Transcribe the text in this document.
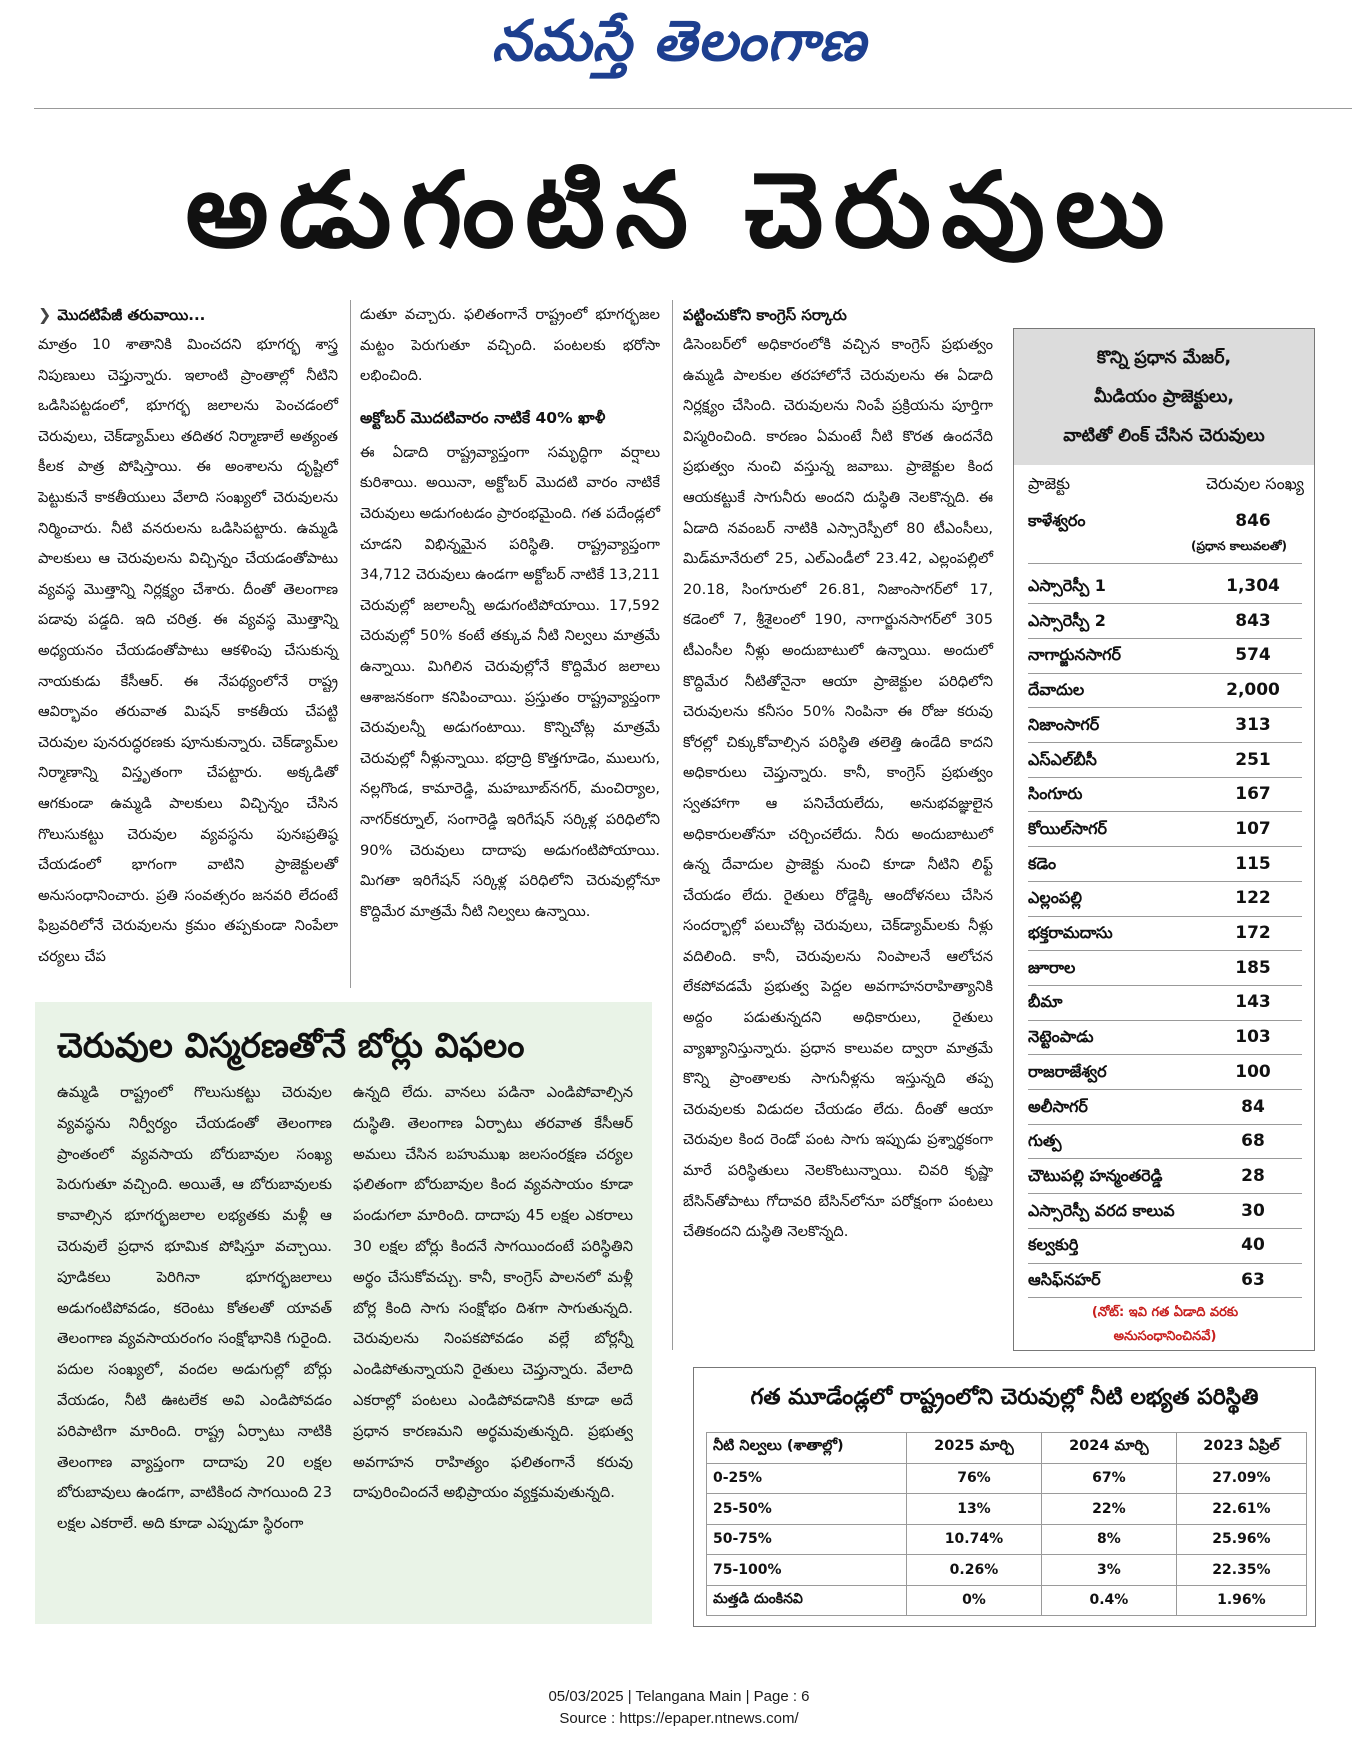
నమస్తే తెలంగాణ
అడుగంటిన చెరువులు
❯ మొదటిపేజీ తరువాయి...

మాత్రం 10 శాతానికి మించదని భూగర్భ శాస్త్ర నిపుణులు చెప్తున్నారు. ఇలాంటి ప్రాంతాల్లో నీటిని ఒడిసిపట్టడంలో, భూగర్భ జలాలను పెంచడంలో చెరువులు, చెక్‌డ్యామ్‌లు తదితర నిర్మాణాలే అత్యంత కీలక పాత్ర పోషిస్తాయి. ఈ అంశాలను దృష్టిలో పెట్టుకునే కాకతీయులు వేలాది సంఖ్యలో చెరువులను నిర్మించారు. నీటి వనరులను ఒడిసిపట్టారు. ఉమ్మడి పాలకులు ఆ చెరువులను విచ్చిన్నం చేయడంతోపాటు వ్యవస్థ మొత్తాన్ని నిర్లక్ష్యం చేశారు. దీంతో తెలంగాణ పడావు పడ్డది. ఇది చరిత్ర. ఈ వ్యవస్థ మొత్తాన్ని అధ్యయనం చేయడంతోపాటు ఆకళింపు చేసుకున్న నాయకుడు కేసీఆర్. ఈ నేపథ్యంలోనే రాష్ట్ర ఆవిర్భావం తరువాత మిషన్ కాకతీయ చేపట్టి చెరువుల పునరుద్ధరణకు పూనుకున్నారు. చెక్‌డ్యామ్‌ల నిర్మాణాన్ని విస్తృతంగా చేపట్టారు. అక్కడితో ఆగకుండా ఉమ్మడి పాలకులు విచ్చిన్నం చేసిన గొలుసుకట్టు చెరువుల వ్యవస్థను పునఃప్రతిష్ఠ చేయడంలో భాగంగా వాటిని ప్రాజెక్టులతో అనుసంధానించారు. ప్రతి సంవత్సరం జనవరి లేదంటే ఫిబ్రవరిలోనే చెరువులను క్రమం తప్పకుండా నింపేలా చర్యలు చేప

డుతూ వచ్చారు. ఫలితంగానే రాష్ట్రంలో భూగర్భజల మట్టం పెరుగుతూ వచ్చింది. పంటలకు భరోసా లభించింది.

అక్టోబర్ మొదటివారం నాటికే 40% ఖాళీ

ఈ ఏడాది రాష్ట్రవ్యాప్తంగా సమృద్ధిగా వర్షాలు కురిశాయి. అయినా, అక్టోబర్ మొదటి వారం నాటికే చెరువులు అడుగంటడం ప్రారంభమైంది. గత పదేండ్లలో చూడని విభిన్నమైన పరిస్థితి. రాష్ట్రవ్యాప్తంగా 34,712 చెరువులు ఉండగా అక్టోబర్ నాటికే 13,211 చెరువుల్లో జలాలన్నీ అడుగంటిపోయాయి. 17,592 చెరువుల్లో 50% కంటే తక్కువ నీటి నిల్వలు మాత్రమే ఉన్నాయి. మిగిలిన చెరువుల్లోనే కొద్దిమేర జలాలు ఆశాజనకంగా కనిపించాయి. ప్రస్తుతం రాష్ట్రవ్యాప్తంగా చెరువులన్నీ అడుగంటాయి. కొన్నిచోట్ల మాత్రమే చెరువుల్లో నీళ్లున్నాయి. భద్రాద్రి కొత్తగూడెం, ములుగు, నల్లగొండ, కామారెడ్డి, మహబూబ్‌నగర్, మంచిర్యాల, నాగర్‌కర్నూల్, సంగారెడ్డి ఇరిగేషన్ సర్కిళ్ల పరిధిలోని 90% చెరువులు దాదాపు అడుగంటిపోయాయి. మిగతా ఇరిగేషన్ సర్కిళ్ల పరిధిలోని చెరువుల్లోనూ కొద్దిమేర మాత్రమే నీటి నిల్వలు ఉన్నాయి.

పట్టించుకోని కాంగ్రెస్ సర్కారు

డిసెంబర్‌లో అధికారంలోకి వచ్చిన కాంగ్రెస్ ప్రభుత్వం ఉమ్మడి పాలకుల తరహాలోనే చెరువులను ఈ ఏడాది నిర్లక్ష్యం చేసింది. చెరువులను నింపే ప్రక్రియను పూర్తిగా విస్మరించింది. కారణం ఏమంటే నీటి కొరత ఉందనేది ప్రభుత్వం నుంచి వస్తున్న జవాబు. ప్రాజెక్టుల కింద ఆయకట్టుకే సాగునీరు అందని దుస్థితి నెలకొన్నది. ఈ ఏడాది నవంబర్ నాటికి ఎస్సారెస్పీలో 80 టీఎంసీలు, మిడ్‌మానేరులో 25, ఎల్‌ఎండీలో 23.42, ఎల్లంపల్లిలో 20.18, సింగూరులో 26.81, నిజాంసాగర్‌లో 17, కడెంలో 7, శ్రీశైలంలో 190, నాగార్జునసాగర్‌లో 305 టీఎంసీల నీళ్లు అందుబాటులో ఉన్నాయి. అందులో కొద్దిమేర నీటితోనైనా ఆయా ప్రాజెక్టుల పరిధిలోని చెరువులను కనీసం 50% నింపినా ఈ రోజు కరువు కోరల్లో చిక్కుకోవాల్సిన పరిస్థితి తలెత్తి ఉండేది కాదని అధికారులు చెప్తున్నారు. కానీ, కాంగ్రెస్ ప్రభుత్వం స్వతహాగా ఆ పనిచేయలేదు, అనుభవజ్ఞులైన అధికారులతోనూ చర్చించలేదు. నీరు అందుబాటులో ఉన్న దేవాదుల ప్రాజెక్టు నుంచి కూడా నీటిని లిఫ్ట్ చేయడం లేదు. రైతులు రోడ్డెక్కి ఆందోళనలు చేసిన సందర్భాల్లో పలుచోట్ల చెరువులు, చెక్‌డ్యామ్‌లకు నీళ్లు వదిలింది. కానీ, చెరువులను నింపాలనే ఆలోచన లేకపోవడమే ప్రభుత్వ పెద్దల అవగాహనరాహిత్యానికి అద్దం పడుతున్నదని అధికారులు, రైతులు వ్యాఖ్యానిస్తున్నారు. ప్రధాన కాలువల ద్వారా మాత్రమే కొన్ని ప్రాంతాలకు సాగునీళ్లను ఇస్తున్నది తప్ప చెరువులకు విడుదల చేయడం లేదు. దీంతో ఆయా చెరువుల కింద రెండో పంట సాగు ఇప్పుడు ప్రశ్నార్థకంగా మారే పరిస్థితులు నెలకొంటున్నాయి. చివరి కృష్ణా బేసిన్‌తోపాటు గోదావరి బేసిన్‌లోనూ పరోక్షంగా పంటలు చేతికందని దుస్థితి నెలకొన్నది.

చెరువుల విస్మరణతోనే బోర్లు విఫలం

ఉమ్మడి రాష్ట్రంలో గొలుసుకట్టు చెరువుల వ్యవస్థను నిర్వీర్యం చేయడంతో తెలంగాణ ప్రాంతంలో వ్యవసాయ బోరుబావుల సంఖ్య పెరుగుతూ వచ్చింది. అయితే, ఆ బోరుబావులకు కావాల్సిన భూగర్భజలాల లభ్యతకు మళ్లీ ఆ చెరువులే ప్రధాన భూమిక పోషిస్తూ వచ్చాయి. పూడికలు పెరిగినా భూగర్భజలాలు అడుగంటిపోవడం, కరెంటు కోతలతో యావత్ తెలంగాణ వ్యవసాయరంగం సంక్షోభానికి గురైంది. పదుల సంఖ్యలో, వందల అడుగుల్లో బోర్లు వేయడం, నీటి ఊటలేక అవి ఎండిపోవడం పరిపాటిగా మారింది. రాష్ట్ర ఏర్పాటు నాటికి తెలంగాణ వ్యాప్తంగా దాదాపు 20 లక్షల బోరుబావులు ఉండగా, వాటికింద సాగయింది 23 లక్షల ఎకరాలే. అది కూడా ఎప్పుడూ స్థిరంగా

ఉన్నది లేదు. వానలు పడినా ఎండిపోవాల్సిన దుస్థితి. తెలంగాణ ఏర్పాటు తరవాత కేసీఆర్ అమలు చేసిన బహుముఖ జలసంరక్షణ చర్యల ఫలితంగా బోరుబావుల కింద వ్యవసాయం కూడా పండుగలా మారింది. దాదాపు 45 లక్షల ఎకరాలు 30 లక్షల బోర్లు కిందనే సాగయిందంటే పరిస్థితిని అర్థం చేసుకోవచ్చు. కానీ, కాంగ్రెస్ పాలనలో మళ్లీ బోర్ల కింది సాగు సంక్షోభం దిశగా సాగుతున్నది. చెరువులను నింపకపోవడం వల్లే బోర్లన్నీ ఎండిపోతున్నాయని రైతులు చెప్తున్నారు. వేలాది ఎకరాల్లో పంటలు ఎండిపోవడానికి కూడా అదే ప్రధాన కారణమని అర్థమవుతున్నది. ప్రభుత్వ అవగాహన రాహిత్యం ఫలితంగానే కరువు దాపురించిందనే అభిప్రాయం వ్యక్తమవుతున్నది.

కొన్ని ప్రధాన మేజర్,
మీడియం ప్రాజెక్టులు,
వాటితో లింక్ చేసిన చెరువులు
ప్రాజెక్టు	చెరువుల సంఖ్య
కాళేశ్వరం	846
(ప్రధాన కాలువలతో)
ఎస్సారెస్పీ 1	1,304
ఎస్సారెస్పీ 2	843
నాగార్జునసాగర్	574
దేవాదుల	2,000
నిజాంసాగర్	313
ఎస్ఎల్‌బీసీ	251
సింగూరు	167
కోయిల్‌సాగర్	107
కడెం	115
ఎల్లంపల్లి	122
భక్తరామదాసు	172
జూరాల	185
బీమా	143
నెట్టెంపాడు	103
రాజరాజేశ్వర	100
అలీసాగర్	84
గుత్ప	68
చౌటుపల్లి హన్మంతరెడ్డి	28
ఎస్సారెస్పీ వరద కాలువ	30
కల్వకుర్తి	40
ఆసిఫ్‌నహర్	63
(నోట్: ఇవి గత ఏడాది వరకు
అనుసంధానించినవే)
గత మూడేండ్లలో రాష్ట్రంలోని చెరువుల్లో నీటి లభ్యత పరిస్థితి
నీటి నిల్వలు (శాతాల్లో)	2025 మార్చి	2024 మార్చి	2023 ఏప్రిల్
0-25%	76%	67%	27.09%
25-50%	13%	22%	22.61%
50-75%	10.74%	8%	25.96%
75-100%	0.26%	3%	22.35%
మత్తడి దుంకినవి	0%	0.4%	1.96%
05/03/2025 | Telangana Main | Page : 6
Source : https://epaper.ntnews.com/
